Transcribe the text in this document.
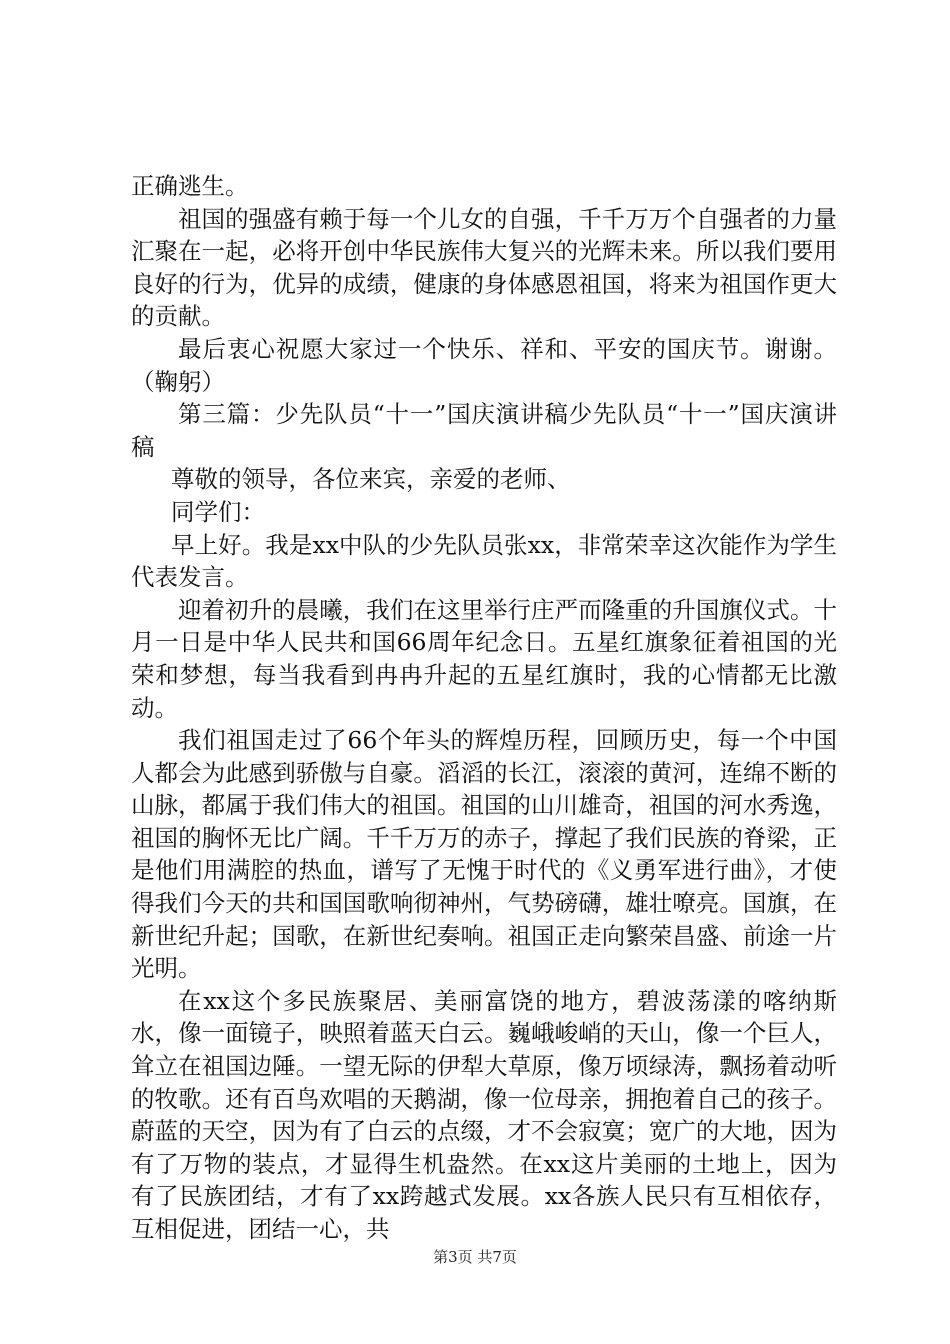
正确逃生。

祖国的强盛有赖于每一个儿女的自强，千千万万个自强者的力量汇聚在一起，必将开创中华民族伟大复兴的光辉未来。所以我们要用良好的行为，优异的成绩，健康的身体感恩祖国，将来为祖国作更大的贡献。

最后衷心祝愿大家过一个快乐、祥和、平安的国庆节。谢谢。（鞠躬）

第三篇：少先队员“十一”国庆演讲稿少先队员“十一”国庆演讲稿

尊敬的领导，各位来宾，亲爱的老师、

同学们：

早上好。我是xx中队的少先队员张xx，非常荣幸这次能作为学生代表发言。

迎着初升的晨曦，我们在这里举行庄严而隆重的升国旗仪式。十月一日是中华人民共和国66周年纪念日。五星红旗象征着祖国的光荣和梦想，每当我看到冉冉升起的五星红旗时，我的心情都无比激动。

我们祖国走过了66个年头的辉煌历程，回顾历史，每一个中国人都会为此感到骄傲与自豪。滔滔的长江，滚滚的黄河，连绵不断的山脉，都属于我们伟大的祖国。祖国的山川雄奇，祖国的河水秀逸，祖国的胸怀无比广阔。千千万万的赤子，撑起了我们民族的脊梁，正是他们用满腔的热血，谱写了无愧于时代的《义勇军进行曲》，才使得我们今天的共和国国歌响彻神州，气势磅礴，雄壮嘹亮。国旗，在新世纪升起；国歌，在新世纪奏响。祖国正走向繁荣昌盛、前途一片光明。

在xx这个多民族聚居、美丽富饶的地方，碧波荡漾的喀纳斯水，像一面镜子，映照着蓝天白云。巍峨峻峭的天山，像一个巨人，耸立在祖国边陲。一望无际的伊犁大草原，像万顷绿涛，飘扬着动听的牧歌。还有百鸟欢唱的天鹅湖，像一位母亲，拥抱着自己的孩子。蔚蓝的天空，因为有了白云的点缀，才不会寂寞；宽广的大地，因为有了万物的装点，才显得生机盎然。在xx这片美丽的土地上，因为有了民族团结，才有了xx跨越式发展。xx各族人民只有互相依存，互相促进，团结一心，共

第3页 共7页
